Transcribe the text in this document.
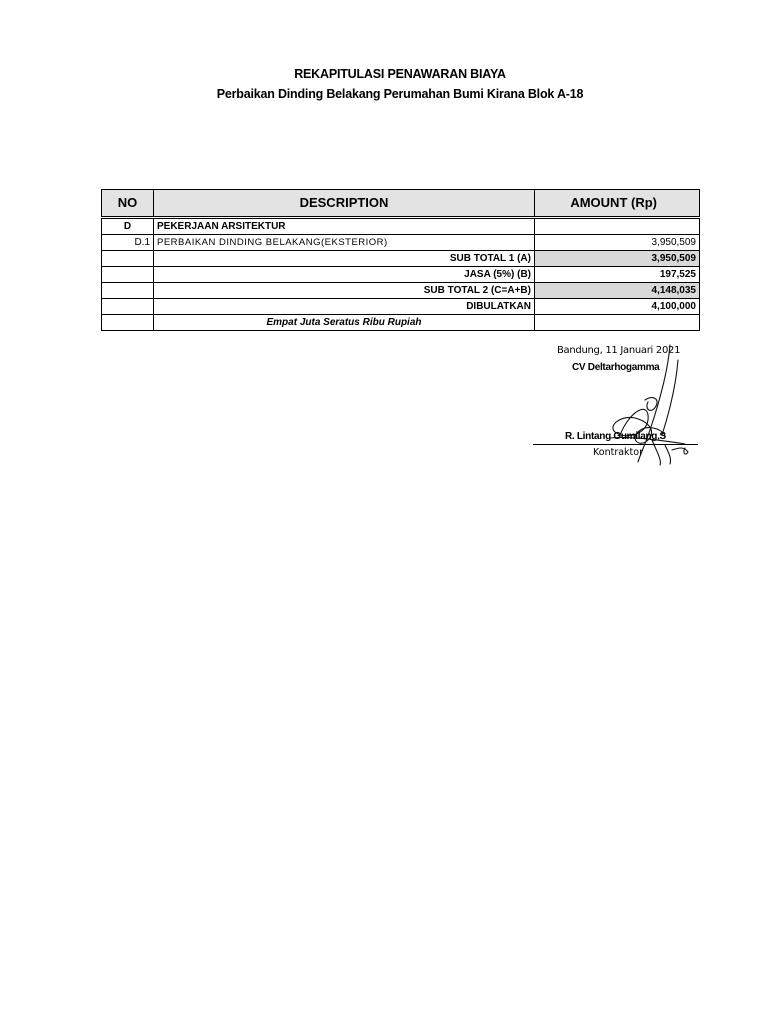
REKAPITULASI PENAWARAN BIAYA
Perbaikan Dinding Belakang Perumahan Bumi Kirana Blok A-18
NO	DESCRIPTION	AMOUNT (Rp)
D	PEKERJAAN ARSITEKTUR	
D.1	PERBAIKAN DINDING BELAKANG(EKSTERIOR)	3,950,509
	SUB TOTAL 1 (A)	3,950,509
	JASA (5%) (B)	197,525
	SUB TOTAL 2 (C=A+B)	4,148,035
	DIBULATKAN	4,100,000
	Empat Juta Seratus Ribu Rupiah	
Bandung, 11 Januari 2021
CV Deltarhogamma
R. Lintang Gumilang,S
Kontraktor
